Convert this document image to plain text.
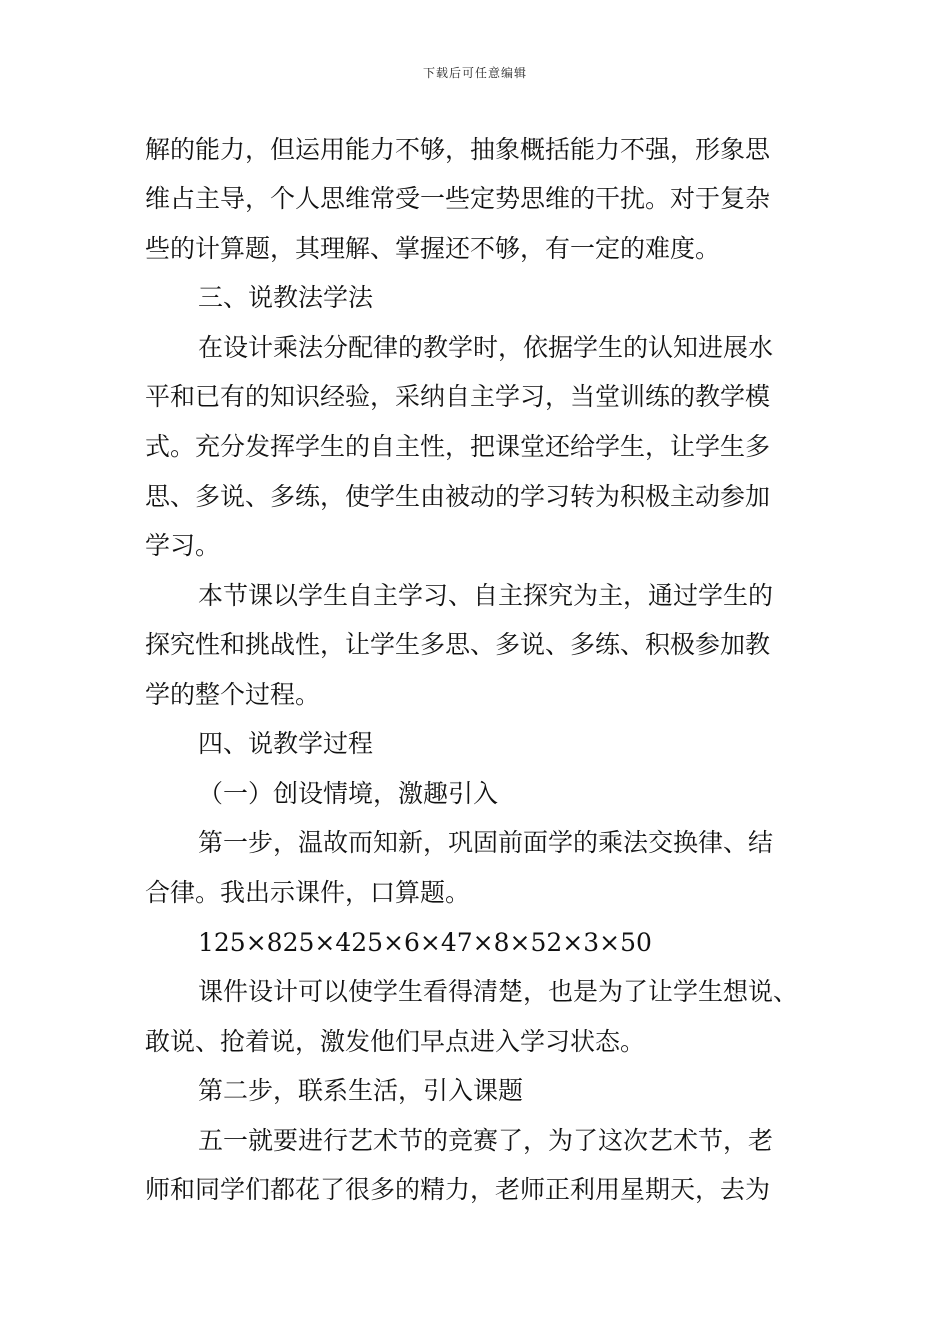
下载后可任意编辑
解的能力，但运用能力不够，抽象概括能力不强，形象思
维占主导，个人思维常受一些定势思维的干扰。对于复杂
些的计算题，其理解、掌握还不够，有一定的难度。
三、说教法学法
在设计乘法分配律的教学时，依据学生的认知进展水
平和已有的知识经验，采纳自主学习，当堂训练的教学模
式。充分发挥学生的自主性，把课堂还给学生，让学生多
思、多说、多练，使学生由被动的学习转为积极主动参加
学习。
本节课以学生自主学习、自主探究为主，通过学生的
探究性和挑战性，让学生多思、多说、多练、积极参加教
学的整个过程。
四、说教学过程
（一）创设情境，激趣引入
第一步，温故而知新，巩固前面学的乘法交换律、结
合律。我出示课件，口算题。
125×825×425×6×47×8×52×3×50
课件设计可以使学生看得清楚，也是为了让学生想说、
敢说、抢着说，激发他们早点进入学习状态。
第二步，联系生活，引入课题
五一就要进行艺术节的竞赛了，为了这次艺术节，老
师和同学们都花了很多的精力，老师正利用星期天，去为
